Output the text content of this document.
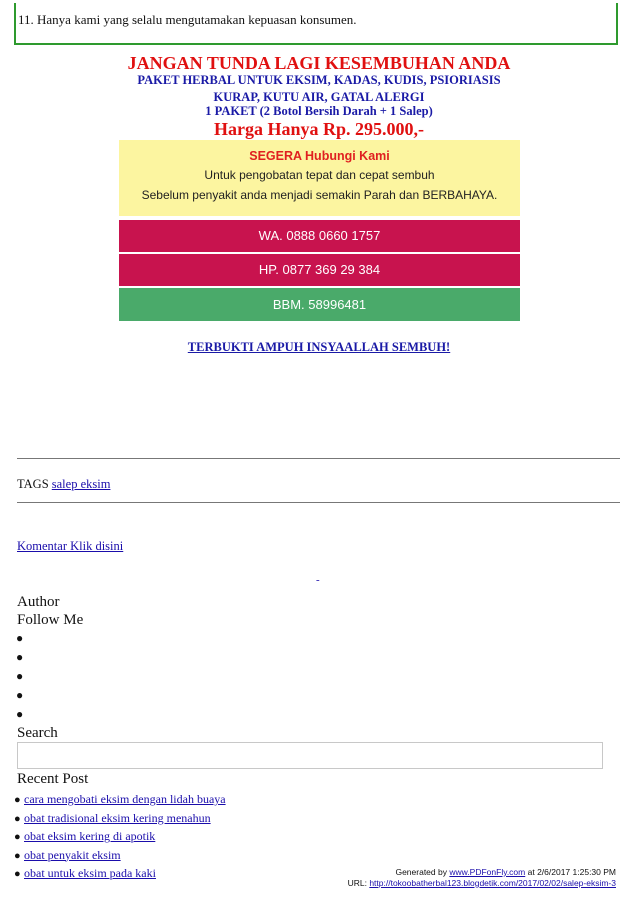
11. Hanya kami yang selalu mengutamakan kepuasan konsumen.
JANGAN TUNDA LAGI KESEMBUHAN ANDA
PAKET HERBAL UNTUK EKSIM, KADAS, KUDIS, PSIORIASIS
KURAP, KUTU AIR, GATAL ALERGI
1 PAKET (2 Botol Bersih Darah + 1 Salep)
Harga Hanya Rp. 295.000,-
SEGERA Hubungi Kami
Untuk pengobatan tepat dan cepat sembuh
Sebelum penyakit anda menjadi semakin Parah dan BERBAHAYA.
WA. 0888 0660 1757
HP. 0877 369 29 384
BBM. 58996481
TERBUKTI AMPUH INSYAALLAH SEMBUH!
TAGS salep eksim
Komentar Klik disini
-
Author
Follow Me
●
●
●
●
●
Search
Recent Post
● cara mengobati eksim dengan lidah buaya
● obat tradisional eksim kering menahun
● obat eksim kering di apotik
● obat penyakit eksim
● obat untuk eksim pada kaki	Generated by www.PDFonFly.com at 2/6/2017 1:25:30 PM
URL: http://tokoobatherbal123.blogdetik.com/2017/02/02/salep-eksim-3
